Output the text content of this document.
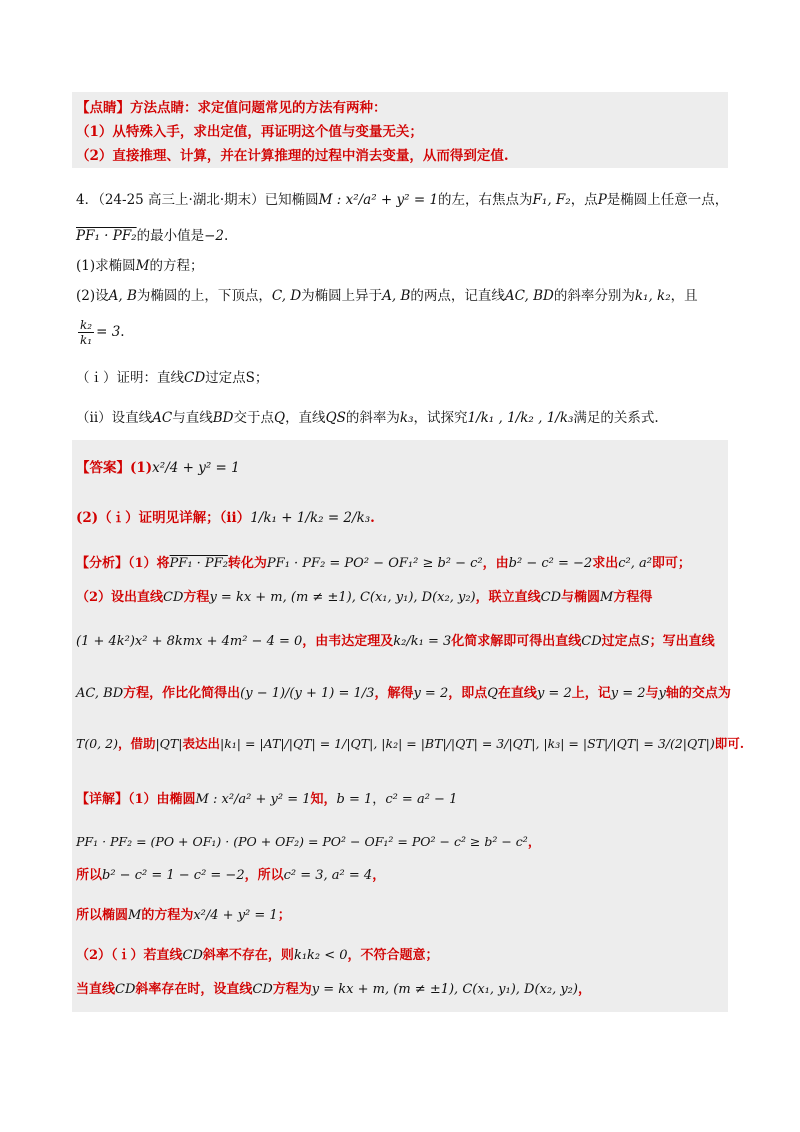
【点睛】方法点睛：求定值问题常见的方法有两种：
（1）从特殊入手，求出定值，再证明这个值与变量无关；
（2）直接推理、计算，并在计算推理的过程中消去变量，从而得到定值.
4．（24-25 高三上·湖北·期末）已知椭圆M : x²/a² + y² = 1的左，右焦点为F₁, F₂，点P是椭圆上任意一点，
PF₁ · PF₂的最小值是−2.
(1)求椭圆M的方程；
(2)设A, B为椭圆的上，下顶点，C, D为椭圆上异于A, B的两点，记直线AC, BD的斜率分别为k₁, k₂，且
$\frac{\text{k₂}}{\text{k₁}} = 3$.
（ｉ）证明：直线CD过定点S；
（ii）设直线AC与直线BD交于点Q，直线QS的斜率为k₃，试探究1/k₁ , 1/k₂ , 1/k₃满足的关系式.
【答案】(1)x²/4 + y² = 1
(2)（ｉ）证明见详解；（ii）1/k₁ + 1/k₂ = 2/k₃.
【分析】（1）将PF₁ · PF₂转化为PF₁ · PF₂ = PO² − OF₁² ≥ b² − c²，由b² − c² = −2求出c², a²即可；
（2）设出直线CD方程y = kx + m, (m ≠ ±1), C(x₁, y₁), D(x₂, y₂)，联立直线CD与椭圆M方程得
(1 + 4k²)x² + 8kmx + 4m² − 4 = 0，由韦达定理及k₂/k₁ = 3化简求解即可得出直线CD过定点S；写出直线
AC, BD方程，作比化简得出(y − 1)/(y + 1) = 1/3，解得y = 2，即点Q在直线y = 2上，记y = 2与y轴的交点为
T(0, 2)，借助|QT|表达出|k₁| = |AT|/|QT| = 1/|QT|, |k₂| = |BT|/|QT| = 3/|QT|, |k₃| = |ST|/|QT| = 3/(2|QT|)即可.
【详解】（1）由椭圆M : x²/a² + y² = 1知，b = 1，c² = a² − 1
PF₁ · PF₂ = (PO + OF₁) · (PO + OF₂) = PO² − OF₁² = PO² − c² ≥ b² − c²，
所以b² − c² = 1 − c² = −2，所以c² = 3, a² = 4，
所以椭圆M的方程为x²/4 + y² = 1；
（2）（ｉ）若直线CD斜率不存在，则k₁k₂ < 0，不符合题意；
当直线CD斜率存在时，设直线CD方程为y = kx + m, (m ≠ ±1), C(x₁, y₁), D(x₂, y₂)，
